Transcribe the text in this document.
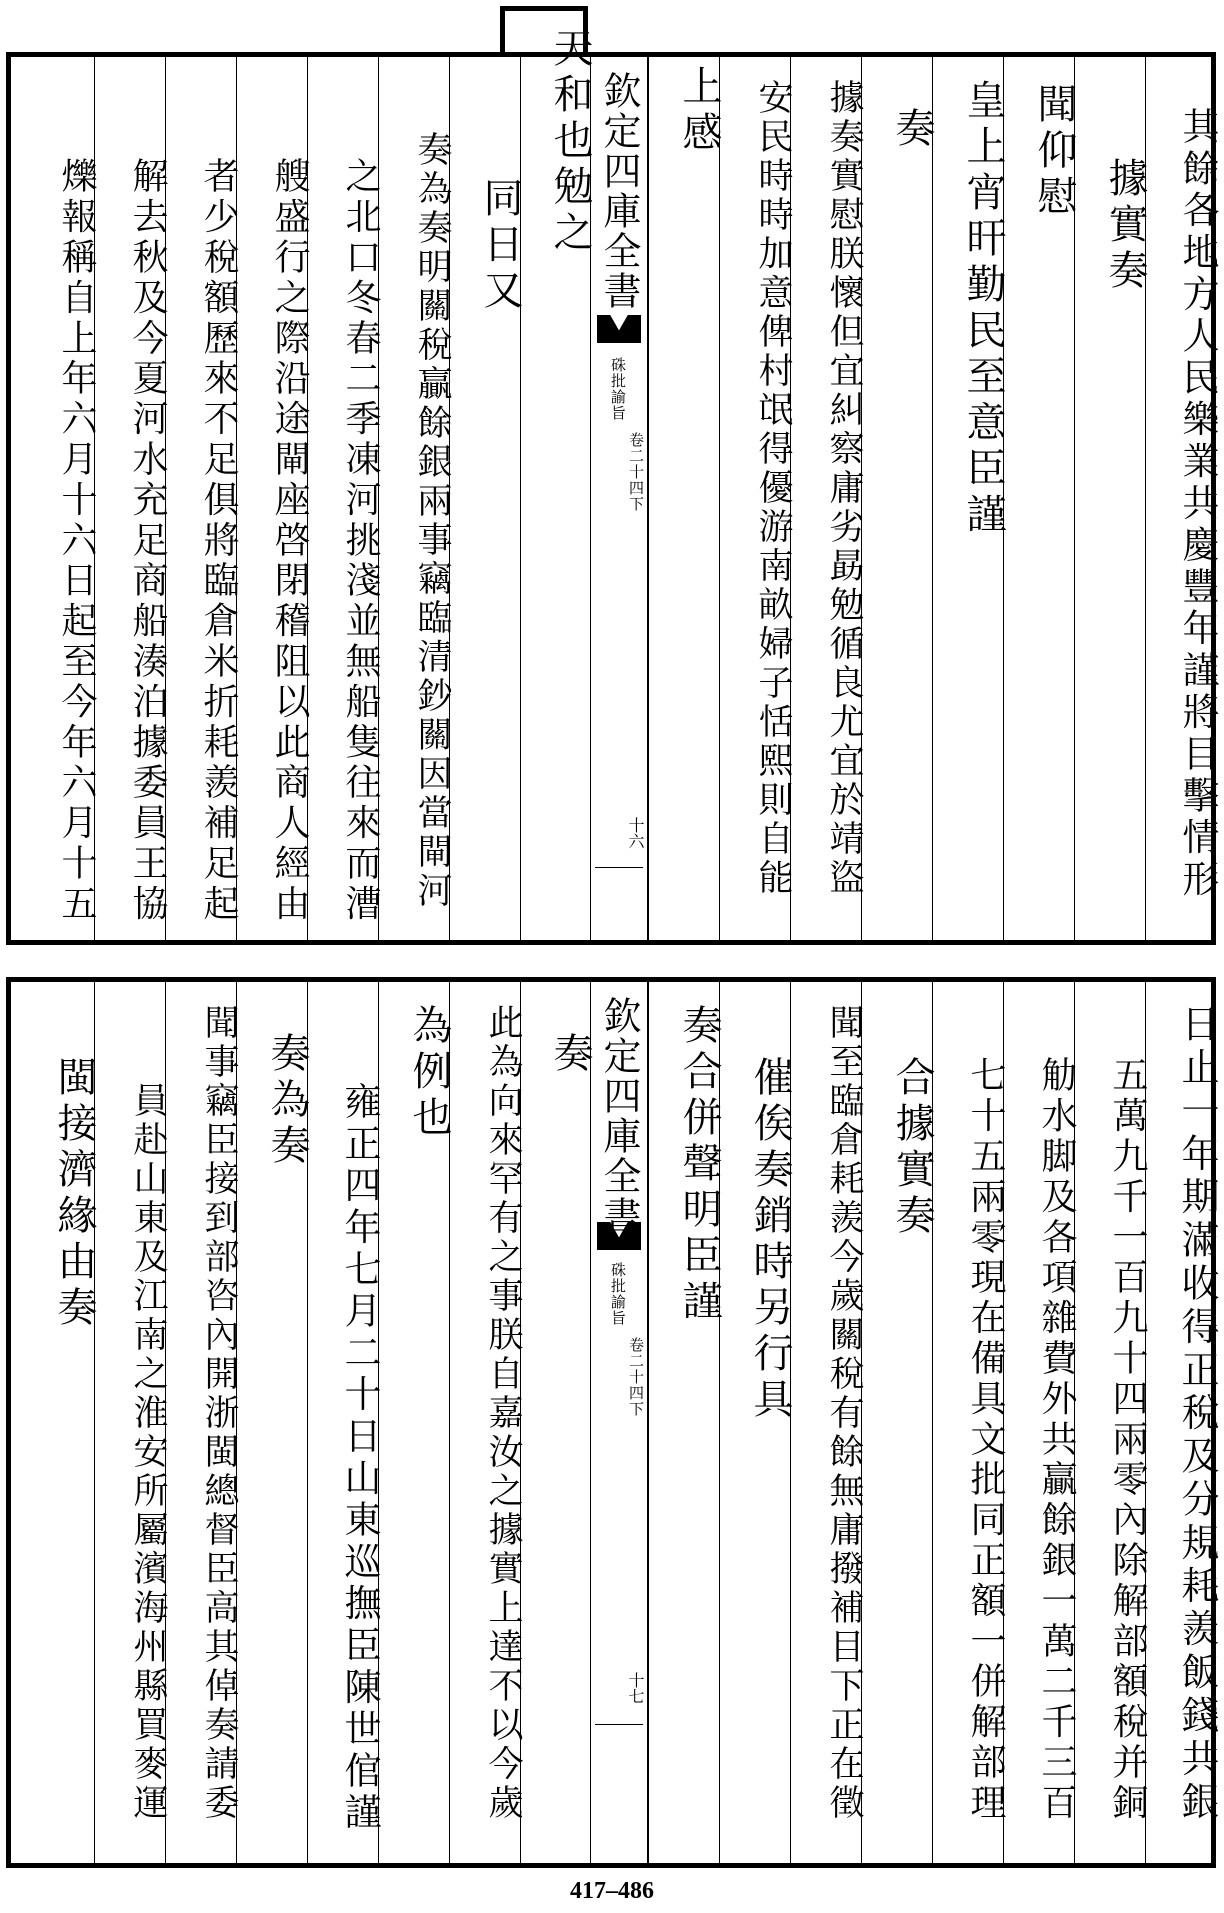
其餘各地方人民樂業共慶豐年謹將目擊情形
據實奏
聞仰慰
皇上宵旰勤民至意臣謹
奏
據奏實慰朕懷但宜糾察庸劣勗勉循良尤宜於靖盜
安民時時加意俾村氓得優游南畝婦子恬熙則自能
上感
欽定四庫全書
硃批諭旨
卷二十四下
十六
天和也勉之
同日又
奏為奏明關稅贏餘銀兩事竊臨清鈔關因當閘河
之北口冬春二季凍河挑淺並無船隻往來而漕
艘盛行之際沿途閘座啓閉稽阻以此商人經由
者少稅額歷來不足俱將臨倉米折耗羨補足起
解去秋及今夏河水充足商船湊泊據委員王協
爍報稱自上年六月十六日起至今年六月十五
日止一年期滿收得正稅及分規耗羨飯錢共銀
五萬九千一百九十四兩零內除解部額稅并銅
觔水脚及各項雜費外共贏餘銀一萬二千三百
七十五兩零現在備具文批同正額一併解部理
合據實奏
聞至臨倉耗羨今歲關稅有餘無庸撥補目下正在徵
催俟奏銷時另行具
奏合併聲明臣謹
欽定四庫全書
硃批諭旨
卷二十四下
十七
奏
此為向來罕有之事朕自嘉汝之據實上達不以今歲
為例也
雍正四年七月二十日山東巡撫臣陳世倌謹
奏為奏
聞事竊臣接到部咨內開浙閩總督臣高其倬奏請委
員赴山東及江南之淮安所屬濱海州縣買麥運
閩接濟緣由奏
417–486
